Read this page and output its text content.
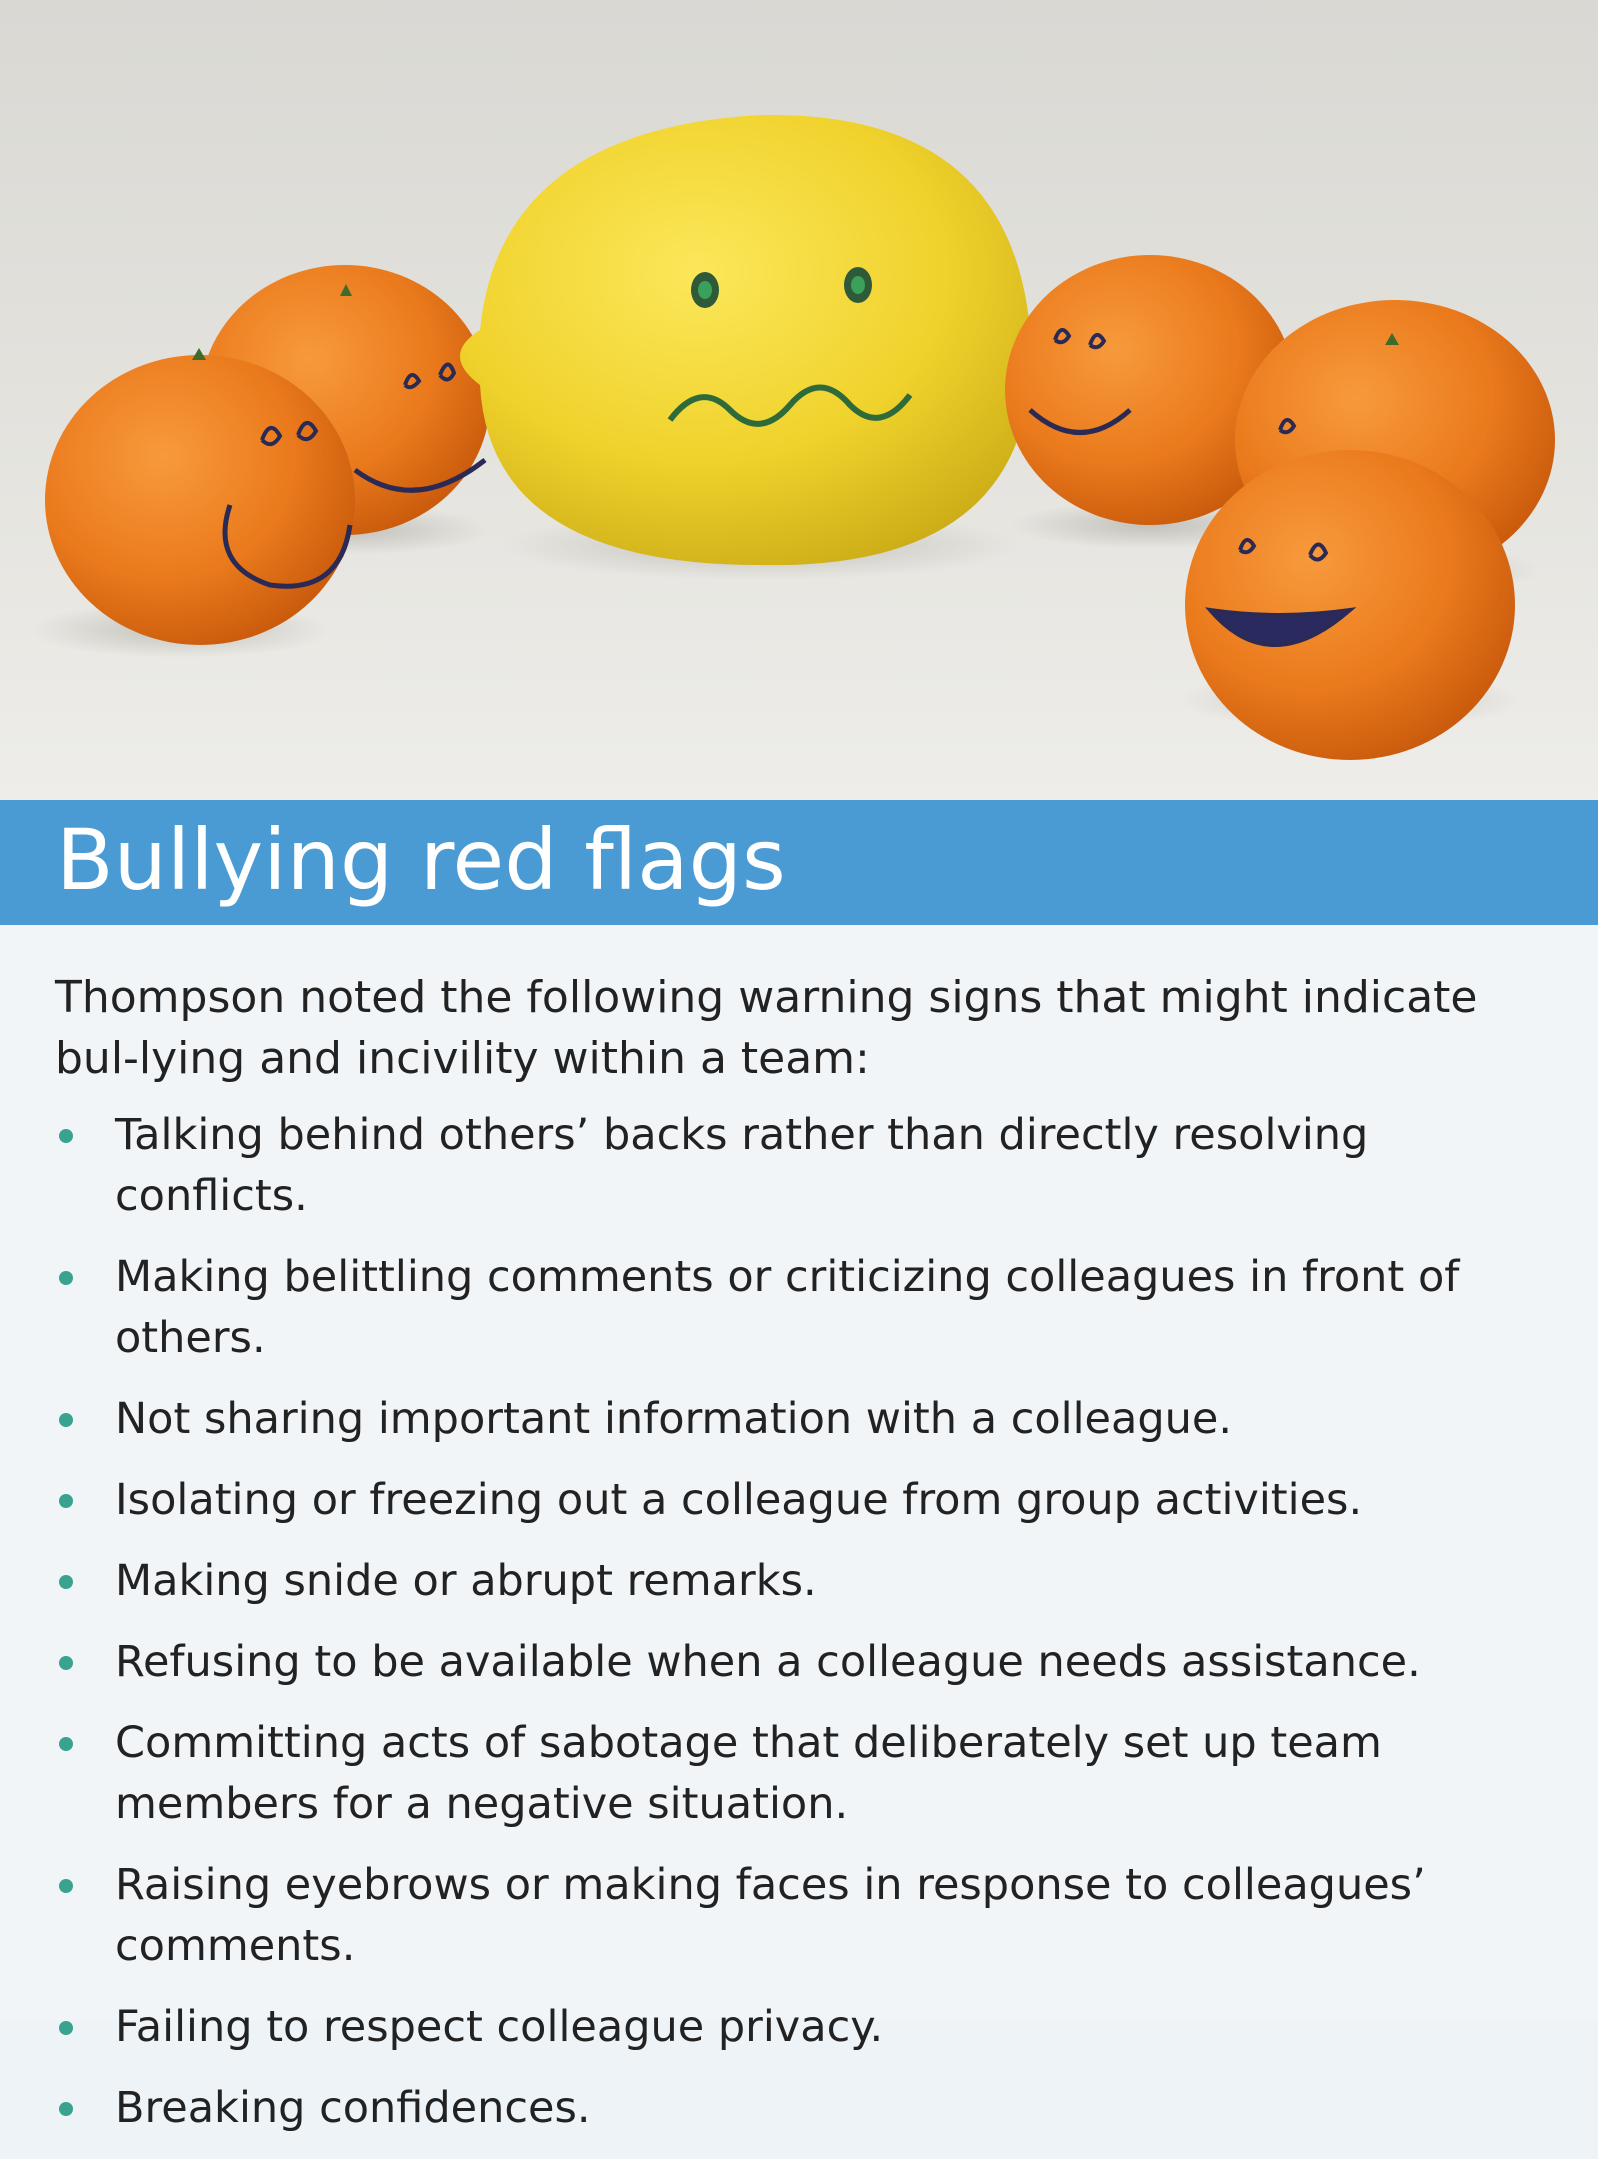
Bullying red flags

Thompson noted the following warning signs that might indicate bul-lying and incivility within a team:

Talking behind others’ backs rather than directly resolving conflicts.
Making belittling comments or criticizing colleagues in front of others.
Not sharing important information with a colleague.
Isolating or freezing out a colleague from group activities.
Making snide or abrupt remarks.
Refusing to be available when a colleague needs assistance.
Committing acts of sabotage that deliberately set up team members for a negative situation.
Raising eyebrows or making faces in response to colleagues’ comments.
Failing to respect colleague privacy.
Breaking confidences.
